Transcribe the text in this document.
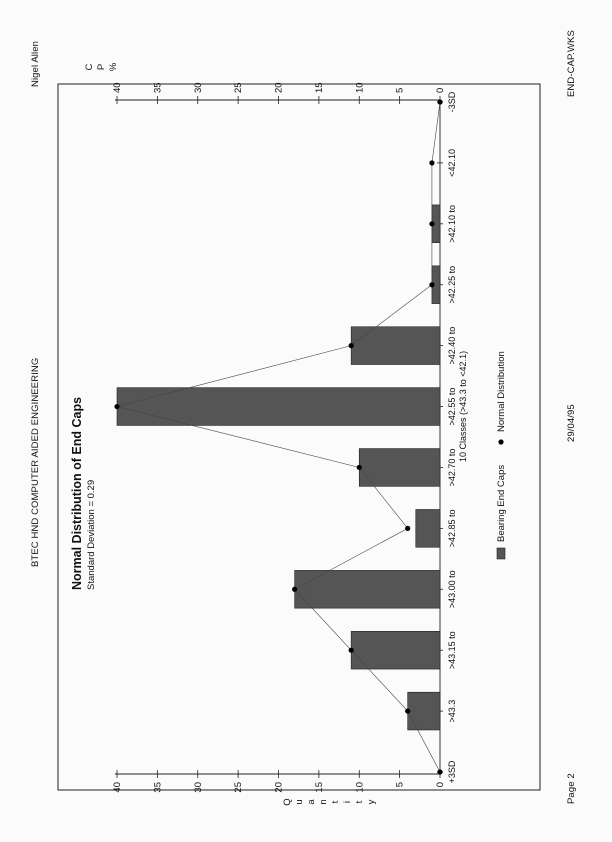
BTEC HND COMPUTER AIDED ENGINEERING
Nigel Allen
Page 2
29/04/95
END-CAP.WKS
Normal Distribution of End Caps Standard Deviation = 0.29
0
0
5
5
10
10
15
15
20
20
25
25
30
30
35
35
40
40
+3SD
>43.3
>43.15 to
>43.00 to
>42.85 to
>42.70 to
>42.55 to
>42.40 to
>42.25 to
>42.10 to
<42.10
-3SD
10 Classes (>43.3 to <42.1)
Quantity
CP%
Bearing End Caps
Normal Distribution
